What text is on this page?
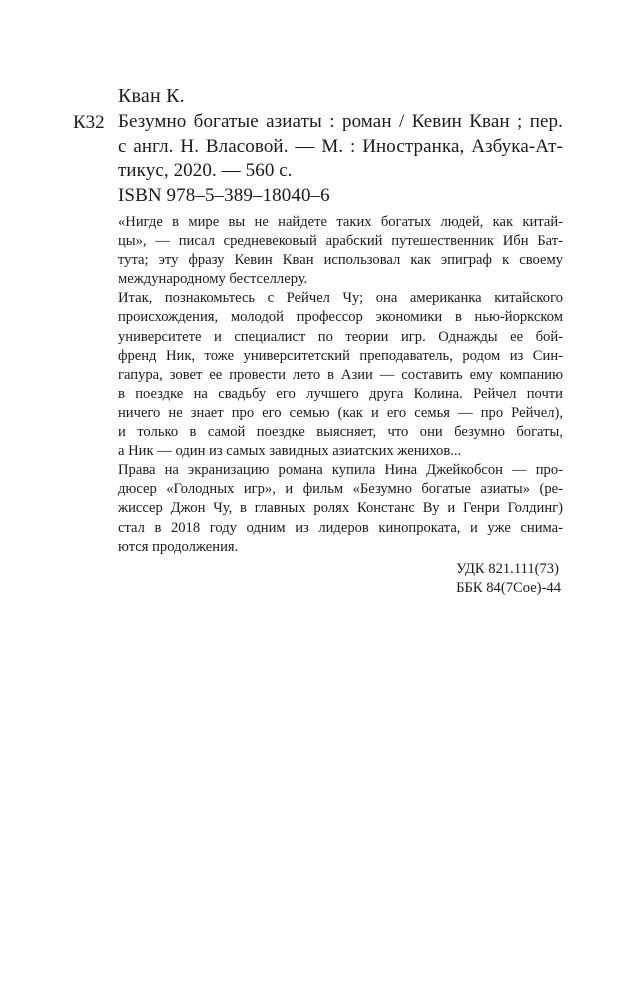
Кван К.
К32 Безумно богатые азиаты : роман / Кевин Кван ; пер.
с англ. Н. Власовой. — М. : Иностранка, Азбука-Ат-
тикус, 2020. — 560 с.
ISBN 978–5–389–18040–6
«Нигде в мире вы не найдете таких богатых людей, как китай-
цы», — писал средневековый арабский путешественник Ибн Бат-
тута; эту фразу Кевин Кван использовал как эпиграф к своему
международному бестселлеру.
Итак, познакомьтесь с Рейчел Чу; она американка китайского
происхождения, молодой профессор экономики в нью-йоркском
университете и специалист по теории игр. Однажды ее бой-
френд Ник, тоже университетский преподаватель, родом из Син-
гапура, зовет ее провести лето в Азии — составить ему компанию
в поездке на свадьбу его лучшего друга Колина. Рейчел почти
ничего не знает про его семью (как и его семья — про Рейчел),
и только в самой поездке выясняет, что они безумно богаты,
а Ник — один из самых завидных азиатских женихов...
Права на экранизацию романа купила Нина Джейкобсон — про-
дюсер «Голодных игр», и фильм «Безумно богатые азиаты» (ре-
жиссер Джон Чу, в главных ролях Констанс Ву и Генри Голдинг)
стал в 2018 году одним из лидеров кинопроката, и уже снима-
ются продолжения.
УДК 821.111(73)
ББК 84(7Сое)-44
